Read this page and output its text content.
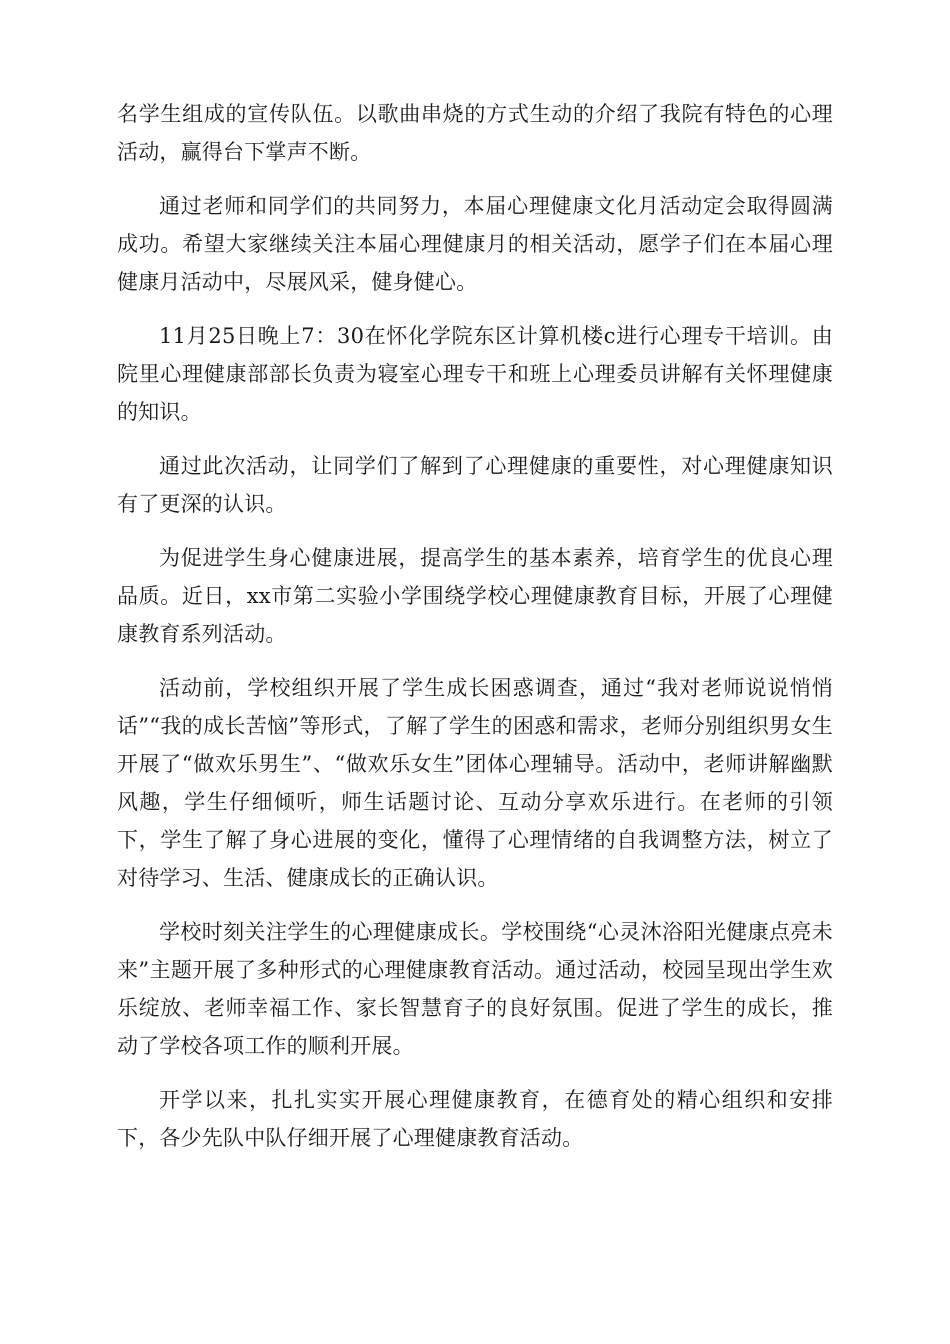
名学生组成的宣传队伍。以歌曲串烧的方式生动的介绍了我院有特色的心理活动，赢得台下掌声不断。

通过老师和同学们的共同努力，本届心理健康文化月活动定会取得圆满成功。希望大家继续关注本届心理健康月的相关活动，愿学子们在本届心理健康月活动中，尽展风采，健身健心。

11月25日晚上7：30在怀化学院东区计算机楼c进行心理专干培训。由院里心理健康部部长负责为寝室心理专干和班上心理委员讲解有关怀理健康的知识。

通过此次活动，让同学们了解到了心理健康的重要性，对心理健康知识有了更深的认识。

为促进学生身心健康进展，提高学生的基本素养，培育学生的优良心理品质。近日，xx市第二实验小学围绕学校心理健康教育目标，开展了心理健康教育系列活动。

活动前，学校组织开展了学生成长困惑调查，通过“我对老师说说悄悄话”“我的成长苦恼”等形式，了解了学生的困惑和需求，老师分别组织男女生开展了“做欢乐男生”、“做欢乐女生”团体心理辅导。活动中，老师讲解幽默风趣，学生仔细倾听，师生话题讨论、互动分享欢乐进行。在老师的引领下，学生了解了身心进展的变化，懂得了心理情绪的自我调整方法，树立了对待学习、生活、健康成长的正确认识。

学校时刻关注学生的心理健康成长。学校围绕“心灵沐浴阳光健康点亮未来”主题开展了多种形式的心理健康教育活动。通过活动，校园呈现出学生欢乐绽放、老师幸福工作、家长智慧育子的良好氛围。促进了学生的成长，推动了学校各项工作的顺利开展。

开学以来，扎扎实实开展心理健康教育，在德育处的精心组织和安排下，各少先队中队仔细开展了心理健康教育活动。
